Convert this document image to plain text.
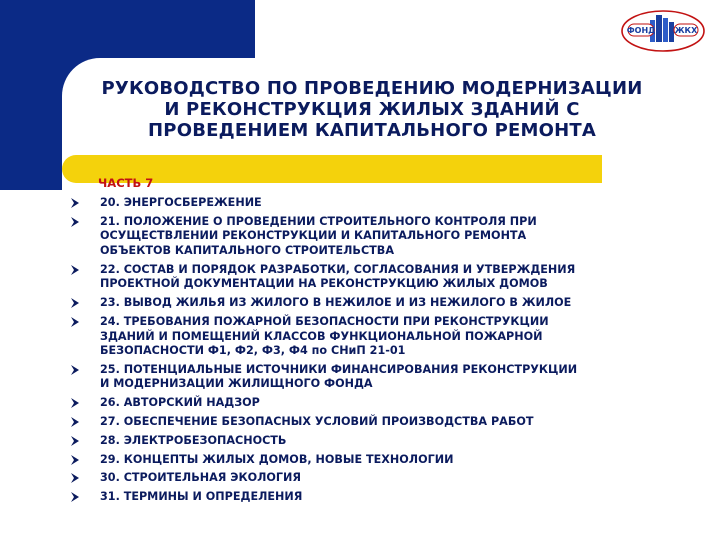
ФОНД ЖКХ
РУКОВОДСТВО ПО ПРОВЕДЕНИЮ МОДЕРНИЗАЦИИ
И РЕКОНСТРУКЦИЯ ЖИЛЫХ ЗДАНИЙ С
ПРОВЕДЕНИЕМ КАПИТАЛЬНОГО РЕМОНТА
ЧАСТЬ 7
20. ЭНЕРГОСБЕРЕЖЕНИЕ
21. ПОЛОЖЕНИЕ О ПРОВЕДЕНИИ СТРОИТЕЛЬНОГО КОНТРОЛЯ ПРИ
ОСУЩЕСТВЛЕНИИ РЕКОНСТРУКЦИИ И КАПИТАЛЬНОГО РЕМОНТА
ОБЪЕКТОВ КАПИТАЛЬНОГО СТРОИТЕЛЬСТВА
22. СОСТАВ И ПОРЯДОК РАЗРАБОТКИ, СОГЛАСОВАНИЯ И УТВЕРЖДЕНИЯ
ПРОЕКТНОЙ ДОКУМЕНТАЦИИ НА РЕКОНСТРУКЦИЮ ЖИЛЫХ ДОМОВ
23. ВЫВОД ЖИЛЬЯ ИЗ ЖИЛОГО В НЕЖИЛОЕ И ИЗ НЕЖИЛОГО В ЖИЛОЕ
24. ТРЕБОВАНИЯ ПОЖАРНОЙ БЕЗОПАСНОСТИ ПРИ РЕКОНСТРУКЦИИ
ЗДАНИЙ И ПОМЕЩЕНИЙ КЛАССОВ ФУНКЦИОНАЛЬНОЙ ПОЖАРНОЙ
БЕЗОПАСНОСТИ Ф1, Ф2, Ф3, Ф4 по СНиП 21-01
25. ПОТЕНЦИАЛЬНЫЕ ИСТОЧНИКИ ФИНАНСИРОВАНИЯ РЕКОНСТРУКЦИИ
И МОДЕРНИЗАЦИИ ЖИЛИЩНОГО ФОНДА
26. АВТОРСКИЙ НАДЗОР
27. ОБЕСПЕЧЕНИЕ БЕЗОПАСНЫХ УСЛОВИЙ ПРОИЗВОДСТВА РАБОТ
28. ЭЛЕКТРОБЕЗОПАСНОСТЬ
29. КОНЦЕПТЫ ЖИЛЫХ ДОМОВ, НОВЫЕ ТЕХНОЛОГИИ
30. СТРОИТЕЛЬНАЯ ЭКОЛОГИЯ
31. ТЕРМИНЫ И ОПРЕДЕЛЕНИЯ
